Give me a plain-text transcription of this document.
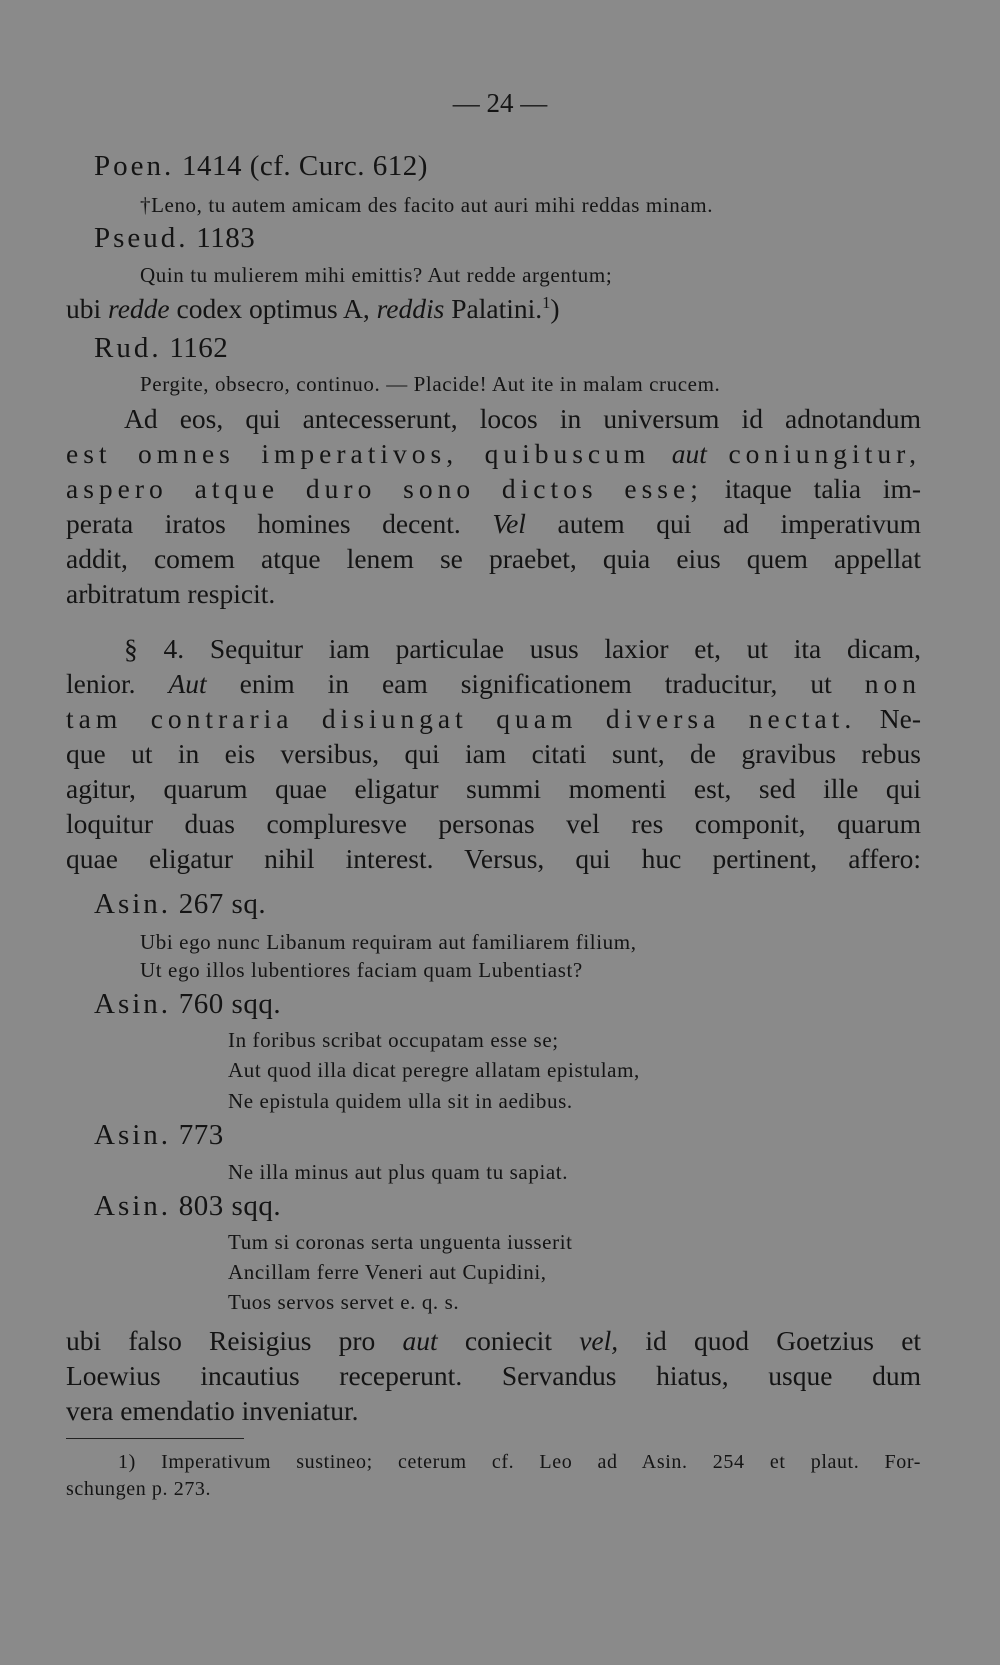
— 24 —
Poen. 1414 (cf. Curc. 612)
†Leno, tu autem amicam des facito aut auri mihi reddas minam.
Pseud. 1183
Quin tu mulierem mihi emittis? Aut redde argentum;
ubi redde codex optimus A, reddis Palatini.$^1$)
Rud. 1162
Pergite, obsecro, continuo. — Placide! Aut ite in malam crucem.
Ad eos, qui antecesserunt, locos in universum id adnotandum
est omnes imperativos, quibuscum aut coniungitur,
aspero atque duro sono dictos esse; itaque talia im-
perata iratos homines decent. Vel autem qui ad imperativum
addit, comem atque lenem se praebet, quia eius quem appellat
arbitratum respicit.
§ 4. Sequitur iam particulae usus laxior et, ut ita dicam,
lenior. Aut enim in eam significationem traducitur, ut non
tam contraria disiungat quam diversa nectat. Ne-
que ut in eis versibus, qui iam citati sunt, de gravibus rebus
agitur, quarum quae eligatur summi momenti est, sed ille qui
loquitur duas compluresve personas vel res componit, quarum
quae eligatur nihil interest. Versus, qui huc pertinent, affero:
Asin. 267 sq.
Ubi ego nunc Libanum requiram aut familiarem filium,
Ut ego illos lubentiores faciam quam Lubentiast?
Asin. 760 sqq.
In foribus scribat occupatam esse se;
Aut quod illa dicat peregre allatam epistulam,
Ne epistula quidem ulla sit in aedibus.
Asin. 773
Ne illa minus aut plus quam tu sapiat.
Asin. 803 sqq.
Tum si coronas serta unguenta iusserit
Ancillam ferre Veneri aut Cupidini,
Tuos servos servet e. q. s.
ubi falso Reisigius pro aut coniecit vel, id quod Goetzius et
Loewius incautius receperunt. Servandus hiatus, usque dum
vera emendatio inveniatur.
1) Imperativum sustineo; ceterum cf. Leo ad Asin. 254 et plaut. For-
schungen p. 273.
